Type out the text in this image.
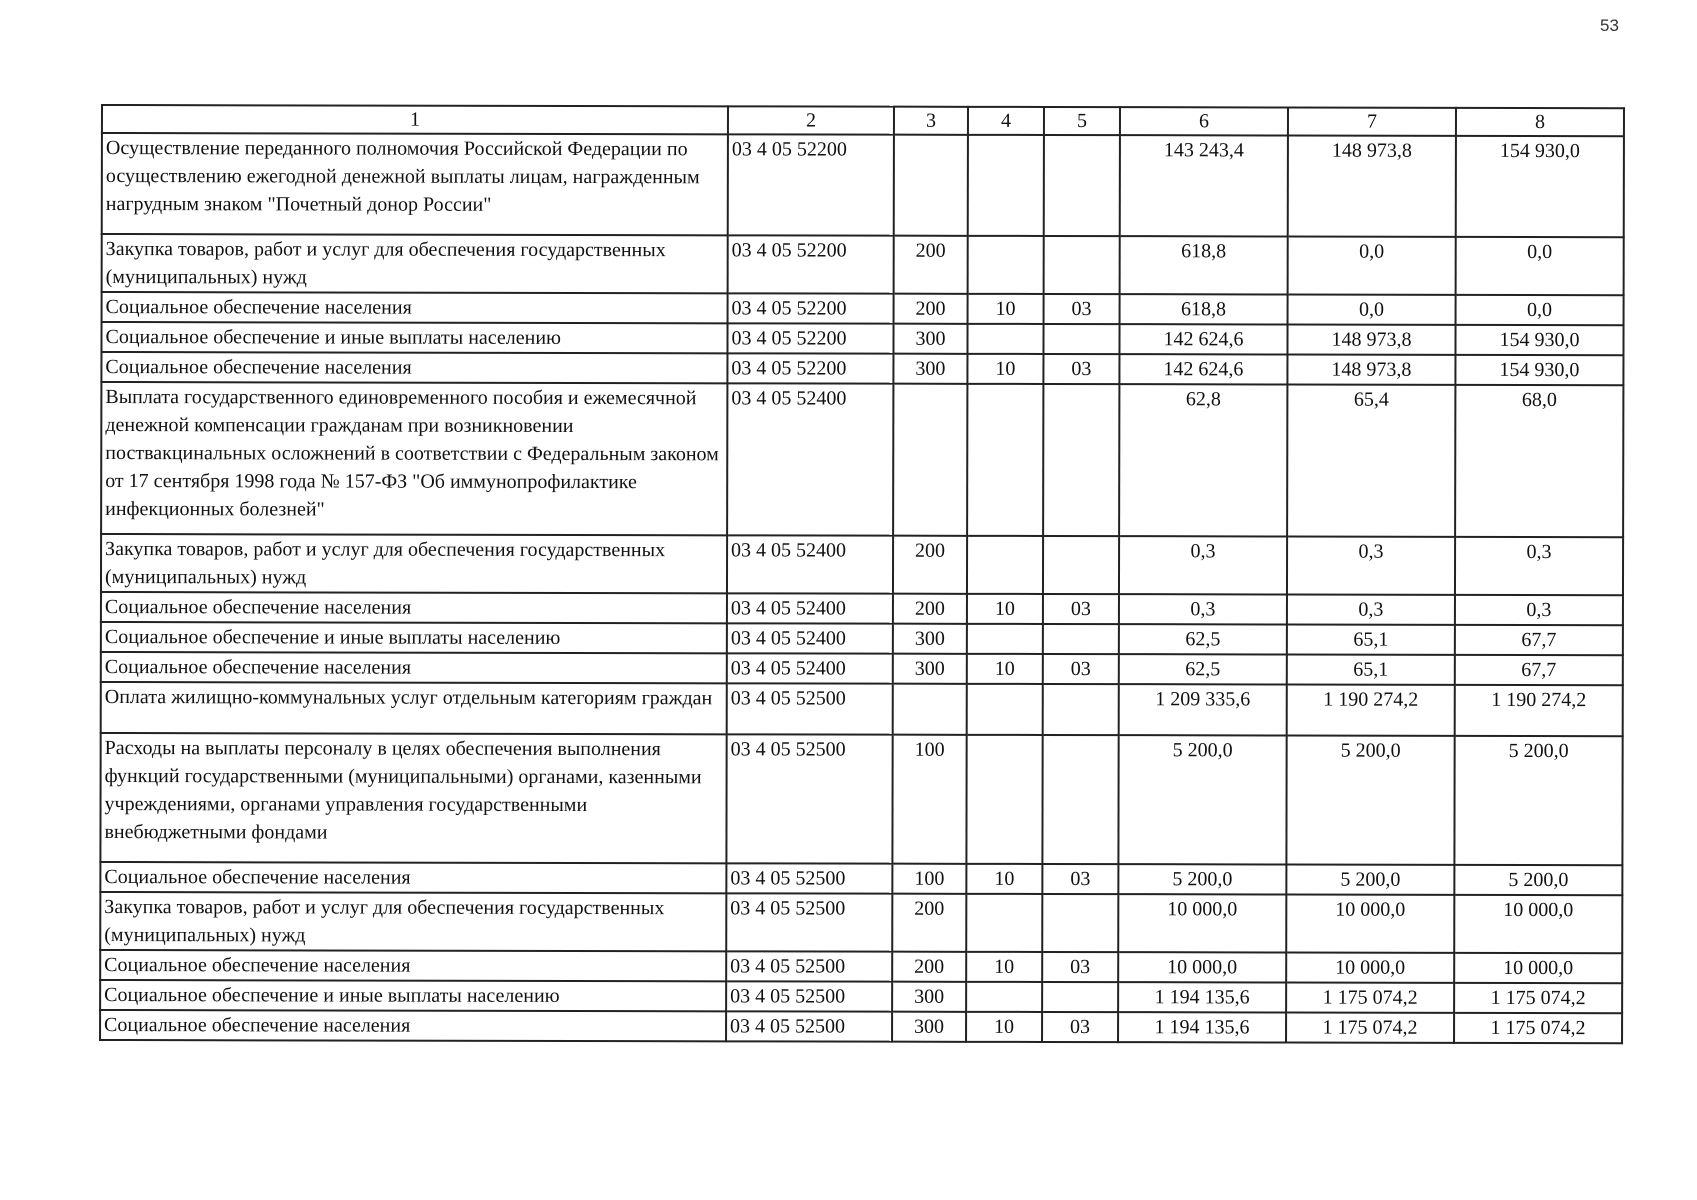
53
1	2	3	4	5	6	7	8
Осуществление переданного полномочия Российской Федерации по осуществлению ежегодной денежной выплаты лицам, награжденным нагрудным знаком "Почетный донор России"	03 4 05 52200				143 243,4	148 973,8	154 930,0
Закупка товаров, работ и услуг для обеспечения государственных (муниципальных) нужд	03 4 05 52200	200			618,8	0,0	0,0
Социальное обеспечение населения	03 4 05 52200	200	10	03	618,8	0,0	0,0
Социальное обеспечение и иные выплаты населению	03 4 05 52200	300			142 624,6	148 973,8	154 930,0
Социальное обеспечение населения	03 4 05 52200	300	10	03	142 624,6	148 973,8	154 930,0
Выплата государственного единовременного пособия и ежемесячной денежной компенсации гражданам при возникновении поствакцинальных осложнений в соответствии с Федеральным законом от 17 сентября 1998 года № 157-ФЗ "Об иммунопрофилактике инфекционных болезней"	03 4 05 52400				62,8	65,4	68,0
Закупка товаров, работ и услуг для обеспечения государственных (муниципальных) нужд	03 4 05 52400	200			0,3	0,3	0,3
Социальное обеспечение населения	03 4 05 52400	200	10	03	0,3	0,3	0,3
Социальное обеспечение и иные выплаты населению	03 4 05 52400	300			62,5	65,1	67,7
Социальное обеспечение населения	03 4 05 52400	300	10	03	62,5	65,1	67,7
Оплата жилищно-коммунальных услуг отдельным категориям граждан	03 4 05 52500				1 209 335,6	1 190 274,2	1 190 274,2
Расходы на выплаты персоналу в целях обеспечения выполнения функций государственными (муниципальными) органами, казенными учреждениями, органами управления государственными внебюджетными фондами	03 4 05 52500	100			5 200,0	5 200,0	5 200,0
Социальное обеспечение населения	03 4 05 52500	100	10	03	5 200,0	5 200,0	5 200,0
Закупка товаров, работ и услуг для обеспечения государственных (муниципальных) нужд	03 4 05 52500	200			10 000,0	10 000,0	10 000,0
Социальное обеспечение населения	03 4 05 52500	200	10	03	10 000,0	10 000,0	10 000,0
Социальное обеспечение и иные выплаты населению	03 4 05 52500	300			1 194 135,6	1 175 074,2	1 175 074,2
Социальное обеспечение населения	03 4 05 52500	300	10	03	1 194 135,6	1 175 074,2	1 175 074,2
